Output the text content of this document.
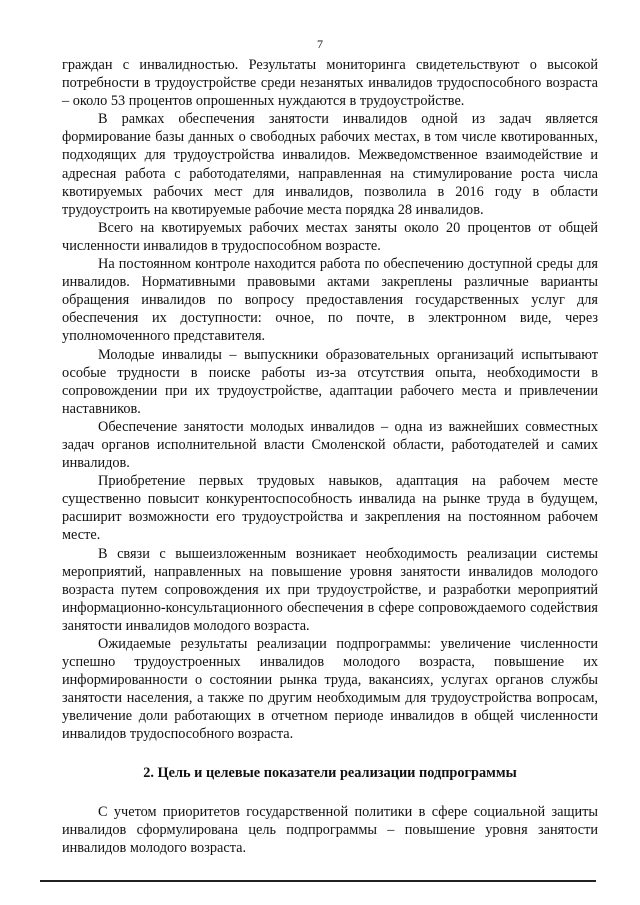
7

граждан с инвалидностью. Результаты мониторинга свидетельствуют о высокой потребности в трудоустройстве среди незанятых инвалидов трудоспособного возраста – около 53 процентов опрошенных нуждаются в трудоустройстве.

В рамках обеспечения занятости инвалидов одной из задач является формирование базы данных о свободных рабочих местах, в том числе квотированных, подходящих для трудоустройства инвалидов. Межведомственное взаимодействие и адресная работа с работодателями, направленная на стимулирование роста числа квотируемых рабочих мест для инвалидов, позволила в 2016 году в области трудоустроить на квотируемые рабочие места порядка 28 инвалидов.

Всего на квотируемых рабочих местах заняты около 20 процентов от общей численности инвалидов в трудоспособном возрасте.

На постоянном контроле находится работа по обеспечению доступной среды для инвалидов. Нормативными правовыми актами закреплены различные варианты обращения инвалидов по вопросу предоставления государственных услуг для обеспечения их доступности: очное, по почте, в электронном виде, через уполномоченного представителя.

Молодые инвалиды – выпускники образовательных организаций испытывают особые трудности в поиске работы из-за отсутствия опыта, необходимости в сопровождении при их трудоустройстве, адаптации рабочего места и привлечении наставников.

Обеспечение занятости молодых инвалидов – одна из важнейших совместных задач органов исполнительной власти Смоленской области, работодателей и самих инвалидов.

Приобретение первых трудовых навыков, адаптация на рабочем месте существенно повысит конкурентоспособность инвалида на рынке труда в будущем, расширит возможности его трудоустройства и закрепления на постоянном рабочем месте.

В связи с вышеизложенным возникает необходимость реализации системы мероприятий, направленных на повышение уровня занятости инвалидов молодого возраста путем сопровождения их при трудоустройстве, и разработки мероприятий информационно-консультационного обеспечения в сфере сопровождаемого содействия занятости инвалидов молодого возраста.

Ожидаемые результаты реализации подпрограммы: увеличение численности успешно трудоустроенных инвалидов молодого возраста, повышение их информированности о состоянии рынка труда, вакансиях, услугах органов службы занятости населения, а также по другим необходимым для трудоустройства вопросам, увеличение доли работающих в отчетном периоде инвалидов в общей численности инвалидов трудоспособного возраста.

2. Цель и целевые показатели реализации подпрограммы

С учетом приоритетов государственной политики в сфере социальной защиты инвалидов сформулирована цель подпрограммы – повышение уровня занятости инвалидов молодого возраста.
